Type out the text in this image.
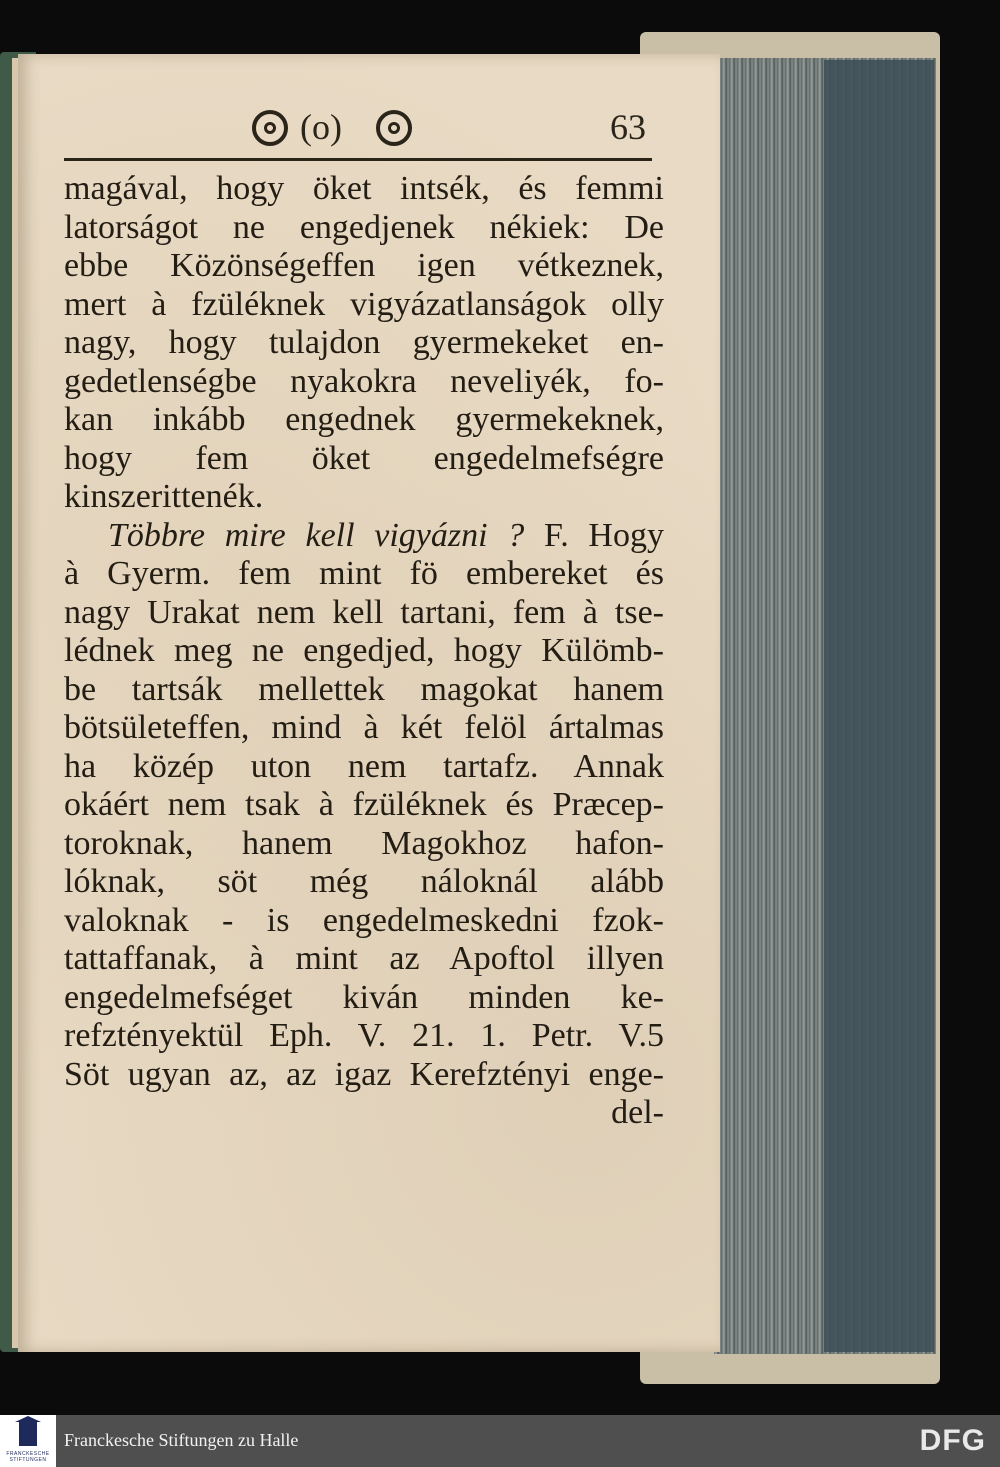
(o)	63
magával, hogy öket intsék, és femmi
latorságot ne engedjenek nékiek: De
ebbe Közönségeffen igen vétkeznek,
mert à fzüléknek vigyázatlanságok olly
nagy, hogy tulajdon gyermekeket en-
gedetlenségbe nyakokra neveliyék, fo-
kan inkább engednek gyermekeknek,
hogy fem öket engedelmefségre
kinszerittenék.
Többre mire kell vigyázni ? F. Hogy
à Gyerm. fem mint fö embereket és
nagy Urakat nem kell tartani, fem à tse-
lédnek meg ne engedjed, hogy Külömb-
be tartsák mellettek magokat hanem
bötsületeffen, mind à két felöl ártalmas
ha közép uton nem tartafz. Annak
okáért nem tsak à fzüléknek és Præcep-
toroknak, hanem Magokhoz hafon-
lóknak, söt még náloknál alább
valoknak - is engedelmeskedni fzok-
tattaffanak, à mint az Apoftol illyen
engedelmefséget kiván minden ke-
refztényektül Eph. V. 21. 1. Petr. V.5
Söt ugyan az, az igaz Kerefztényi enge-
del-
FRANCKESCHE STIFTUNGEN
Franckesche Stiftungen zu Halle	DFG
